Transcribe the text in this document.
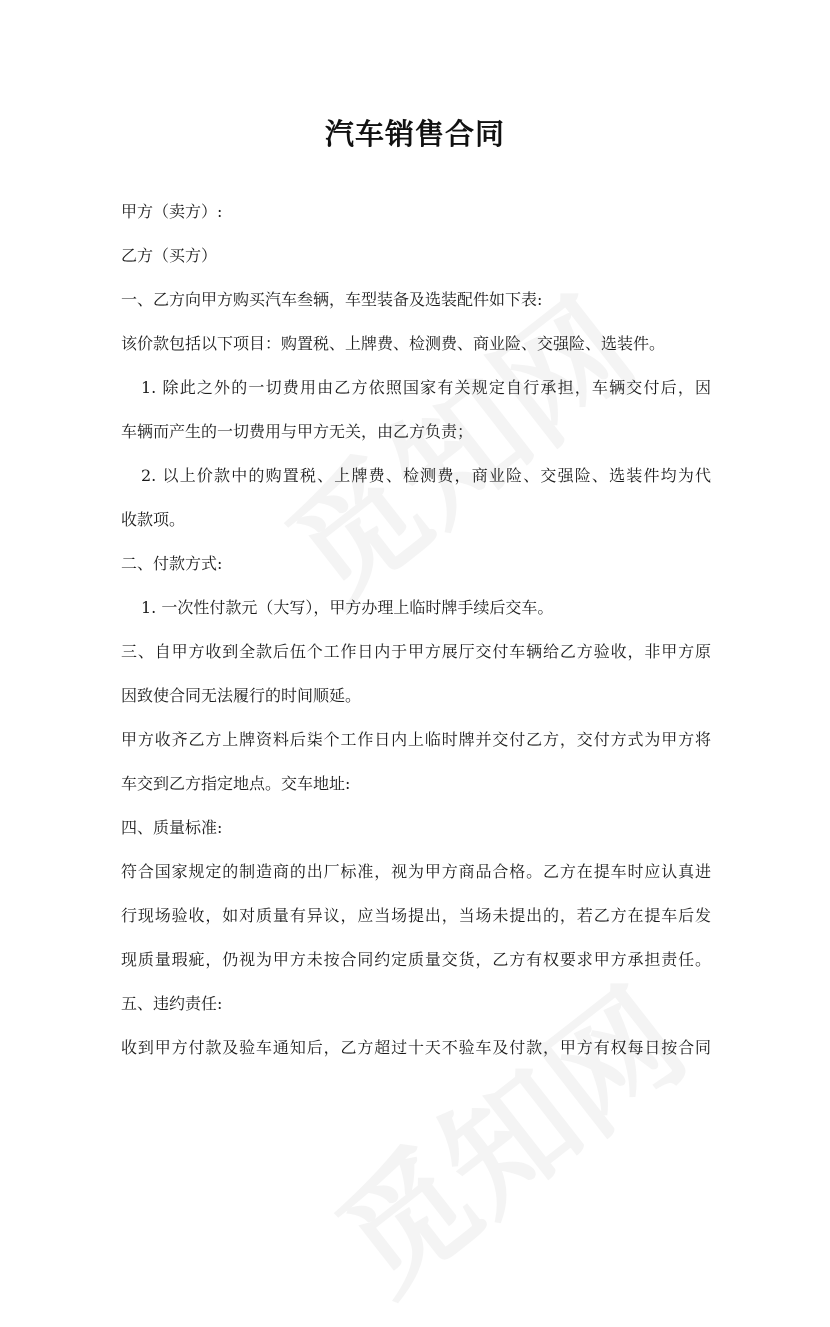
汽车销售合同
甲方（卖方）:
乙方（买方）
一、乙方向甲方购买汽车叁辆，车型装备及选装配件如下表:
该价款包括以下项目：购置税、上牌费、检测费、商业险、交强险、选装件。
1. 除此之外的一切费用由乙方依照国家有关规定自行承担，车辆交付后，因
车辆而产生的一切费用与甲方无关，由乙方负责；
2. 以上价款中的购置税、上牌费、检测费，商业险、交强险、选装件均为代
收款项。
二、付款方式:
1. 一次性付款元（大写），甲方办理上临时牌手续后交车。
三、自甲方收到全款后伍个工作日内于甲方展厅交付车辆给乙方验收，非甲方原
因致使合同无法履行的时间顺延。
甲方收齐乙方上牌资料后柒个工作日内上临时牌并交付乙方，交付方式为甲方将
车交到乙方指定地点。交车地址:
四、质量标准:
符合国家规定的制造商的出厂标准，视为甲方商品合格。乙方在提车时应认真进
行现场验收，如对质量有异议，应当场提出，当场未提出的，若乙方在提车后发
现质量瑕疵，仍视为甲方未按合同约定质量交货，乙方有权要求甲方承担责任。
五、违约责任:
收到甲方付款及验车通知后，乙方超过十天不验车及付款，甲方有权每日按合同
